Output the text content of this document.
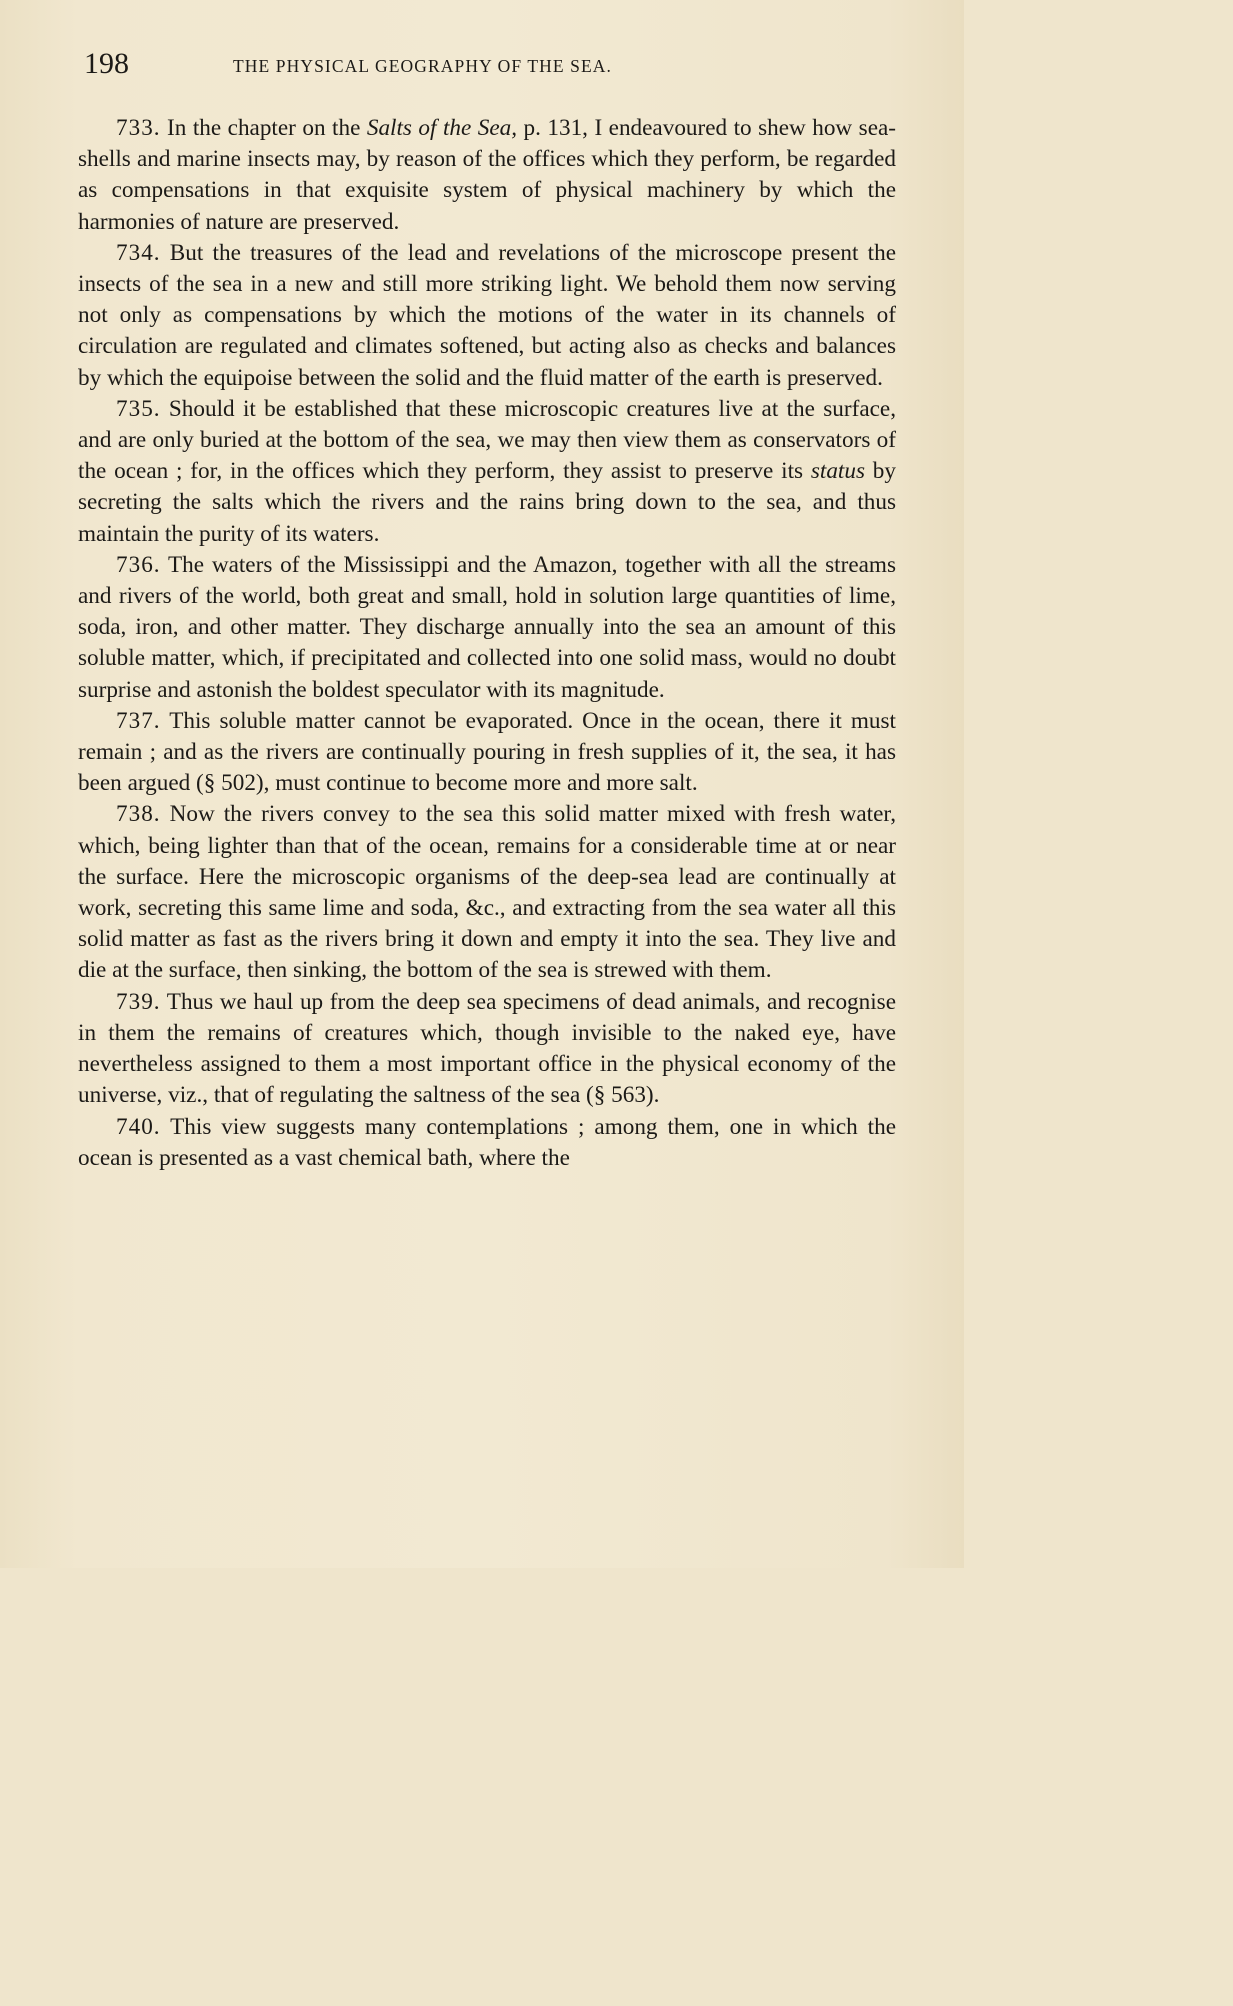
198	THE PHYSICAL GEOGRAPHY OF THE SEA.

733. In the chapter on the Salts of the Sea, p. 131, I endeavoured to shew how sea-shells and marine insects may, by reason of the offices which they perform, be regarded as compensations in that exquisite system of physical machinery by which the harmonies of nature are preserved.

734. But the treasures of the lead and revelations of the microscope present the insects of the sea in a new and still more striking light. We behold them now serving not only as compensations by which the motions of the water in its channels of circulation are regulated and climates softened, but acting also as checks and balances by which the equipoise between the solid and the fluid matter of the earth is preserved.

735. Should it be established that these microscopic creatures live at the surface, and are only buried at the bottom of the sea, we may then view them as conservators of the ocean ; for, in the offices which they perform, they assist to preserve its status by secreting the salts which the rivers and the rains bring down to the sea, and thus maintain the purity of its waters.

736. The waters of the Mississippi and the Amazon, together with all the streams and rivers of the world, both great and small, hold in solution large quantities of lime, soda, iron, and other matter. They discharge annually into the sea an amount of this soluble matter, which, if precipitated and collected into one solid mass, would no doubt surprise and astonish the boldest speculator with its magnitude.

737. This soluble matter cannot be evaporated. Once in the ocean, there it must remain ; and as the rivers are continually pouring in fresh supplies of it, the sea, it has been argued (§ 502), must continue to become more and more salt.

738. Now the rivers convey to the sea this solid matter mixed with fresh water, which, being lighter than that of the ocean, remains for a considerable time at or near the surface. Here the microscopic organisms of the deep-sea lead are continually at work, secreting this same lime and soda, &c., and extracting from the sea water all this solid matter as fast as the rivers bring it down and empty it into the sea. They live and die at the surface, then sinking, the bottom of the sea is strewed with them.

739. Thus we haul up from the deep sea specimens of dead animals, and recognise in them the remains of creatures which, though invisible to the naked eye, have nevertheless assigned to them a most important office in the physical economy of the universe, viz., that of regulating the saltness of the sea (§ 563).

740. This view suggests many contemplations ; among them, one in which the ocean is presented as a vast chemical bath, where the
